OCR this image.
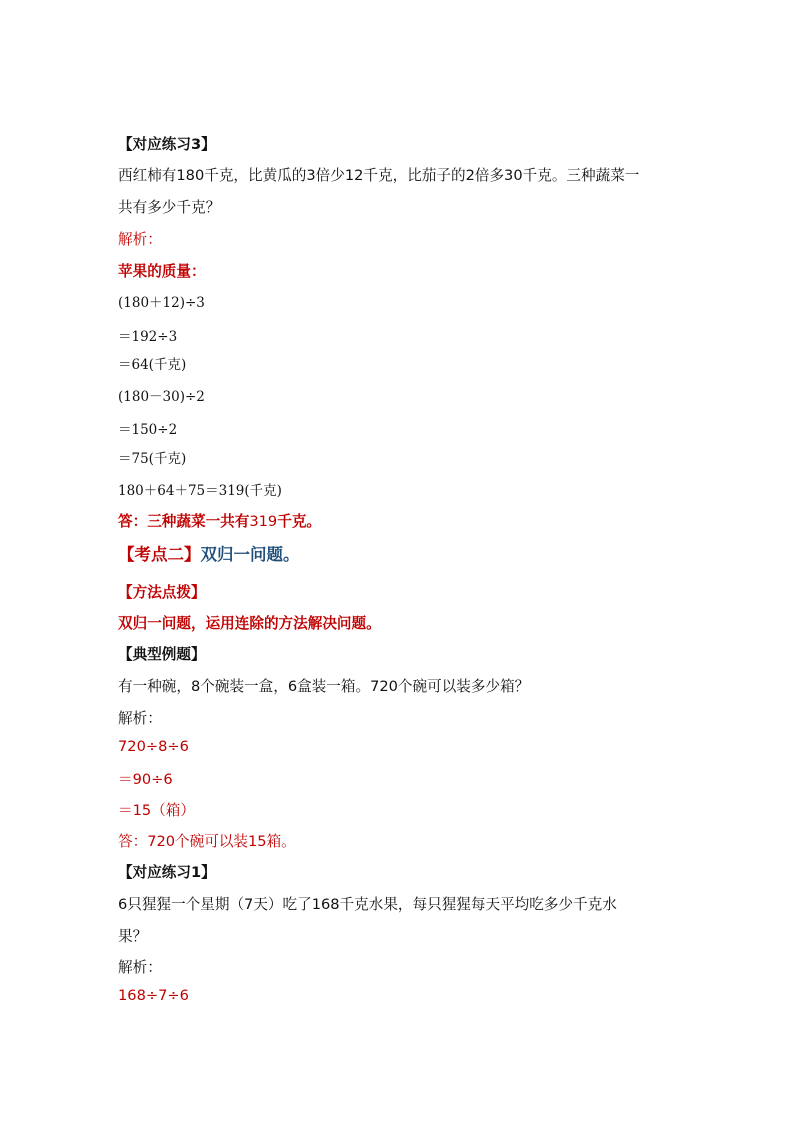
【对应练习3】
西红柿有180千克，比黄瓜的3倍少12千克，比茄子的2倍多30千克。三种蔬菜一
共有多少千克？
解析：
苹果的质量：
(180＋12)÷3
＝192÷3
＝64(千克)
(180－30)÷2
＝150÷2
＝75(千克)
180＋64＋75＝319(千克)
答：三种蔬菜一共有319千克。
【考点二】双归一问题。
【方法点拨】
双归一问题，运用连除的方法解决问题。
【典型例题】
有一种碗，8个碗装一盒，6盒装一箱。720个碗可以装多少箱？
解析：
720÷8÷6
＝90÷6
＝15（箱）
答：720个碗可以装15箱。
【对应练习1】
6只猩猩一个星期（7天）吃了168千克水果，每只猩猩每天平均吃多少千克水
果？
解析：
168÷7÷6
